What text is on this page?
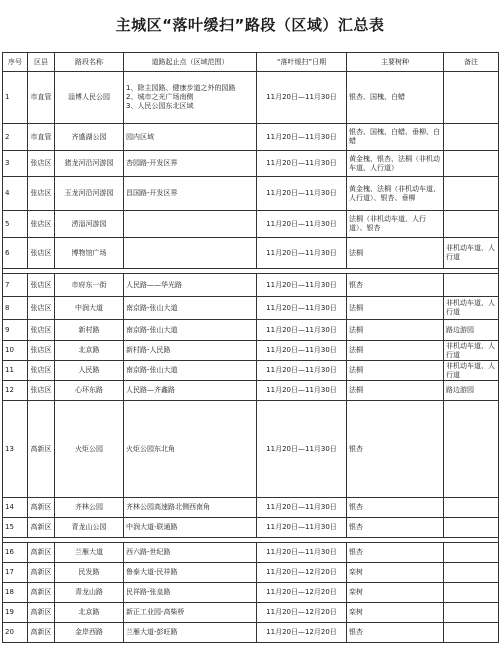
主城区“落叶缓扫”路段（区域）汇总表
序号	区县	路段名称	道路起止点（区域范围）	“落叶缓扫”日期	主要树种	备注
1	市直管	淄博人民公园	1、除主园路、健康步道之外的园路
2、城市之光广场南侧
3、人民公园东北区域	11月20日—11月30日	银杏、国槐、白蜡	
2	市直管	齐盛湖公园	园内区域	11月20日—11月30日	银杏、国槐、白蜡、垂柳、白蜡	
3	张店区	猪龙河沿河游园	杏园路-开发区界	11月20日—11月30日	黄金槐、银杏、法桐（非机动车道、人行道）	
4	张店区	玉龙河沿河游园	昌国路-开发区界	11月20日—11月30日	黄金槐、法桐（非机动车道、人行道）、银杏、垂柳	
5	张店区	涝淄河游园		11月20日—11月30日	法桐（非机动车道、人行道）、银杏	
6	张店区	博物馆广场		11月20日—11月30日	法桐	非机动车道、人行道

7	张店区	市府东一街	人民路——华光路	11月20日—11月30日	银杏	
8	张店区	中润大道	南京路-张山大道	11月20日—11月30日	法桐	非机动车道、人行道
9	张店区	新村路	南京路-张山大道	11月20日—11月30日	法桐	路边游园
10	张店区	北京路	新村路-人民路	11月20日—11月30日	法桐	非机动车道、人行道
11	张店区	人民路	南京路-张山大道	11月20日—11月30日	法桐	非机动车道、人行道
12	张店区	心环东路	人民路—齐鑫路	11月20日—11月30日	法桐	路边游园
13	高新区	火炬公园	火炬公园东北角	11月20日—11月30日	银杏	
14	高新区	齐林公园	齐林公园高速路北侧西南角	11月20日—11月30日	银杏	
15	高新区	青龙山公园	中润大道-联通路	11月20日—11月30日	银杏	

16	高新区	兰雁大道	西六路-世纪路	11月20日—11月30日	银杏	
17	高新区	民发路	鲁泰大道-民祥路	11月20日—12月20日	栾树	
18	高新区	青龙山路	民祥路-张皇路	11月20日—12月20日	栾树	
19	高新区	北京路	新正工业园-高柴桥	11月20日—12月20日	栾树	
20	高新区	金岸西路	兰雁大道-彭旺路	11月20日—12月20日	银杏	
